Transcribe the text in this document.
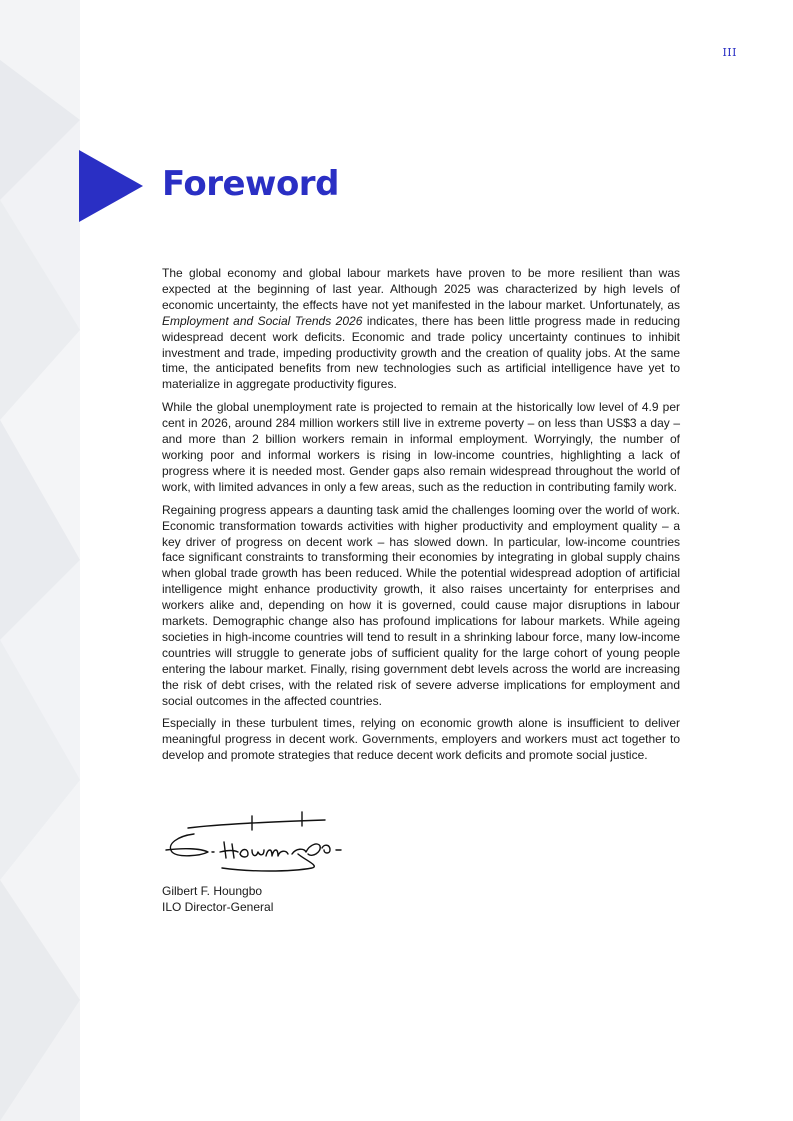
III
Foreword

The global economy and global labour markets have proven to be more resilient than was expected at the beginning of last year. Although 2025 was characterized by high levels of economic uncertainty, the effects have not yet manifested in the labour market. Unfortunately, as Employment and Social Trends 2026 indicates, there has been little progress made in reducing widespread decent work deficits. Economic and trade policy uncertainty continues to inhibit investment and trade, impeding productivity growth and the creation of quality jobs. At the same time, the anticipated benefits from new technologies such as artificial intelligence have yet to materialize in aggregate productivity figures.

While the global unemployment rate is projected to remain at the historically low level of 4.9 per cent in 2026, around 284 million workers still live in extreme poverty – on less than US$3 a day – and more than 2 billion workers remain in informal employment. Worryingly, the number of working poor and informal workers is rising in low-income countries, highlighting a lack of progress where it is needed most. Gender gaps also remain widespread throughout the world of work, with limited advances in only a few areas, such as the reduction in contributing family work.

Regaining progress appears a daunting task amid the challenges looming over the world of work. Economic transformation towards activities with higher productivity and employment quality – a key driver of progress on decent work – has slowed down. In particular, low-income countries face significant constraints to transforming their economies by integrating in global supply chains when global trade growth has been reduced. While the potential widespread adoption of artificial intelligence might enhance productivity growth, it also raises uncertainty for enterprises and workers alike and, depending on how it is governed, could cause major disruptions in labour markets. Demographic change also has profound implications for labour markets. While ageing societies in high-income countries will tend to result in a shrinking labour force, many low-income countries will struggle to generate jobs of sufficient quality for the large cohort of young people entering the labour market. Finally, rising government debt levels across the world are increasing the risk of debt crises, with the related risk of severe adverse implications for employment and social outcomes in the affected countries.

Especially in these turbulent times, relying on economic growth alone is insufficient to deliver meaningful progress in decent work. Governments, employers and workers must act together to develop and promote strategies that reduce decent work deficits and promote social justice.

Gilbert F. Houngbo
ILO Director-General
